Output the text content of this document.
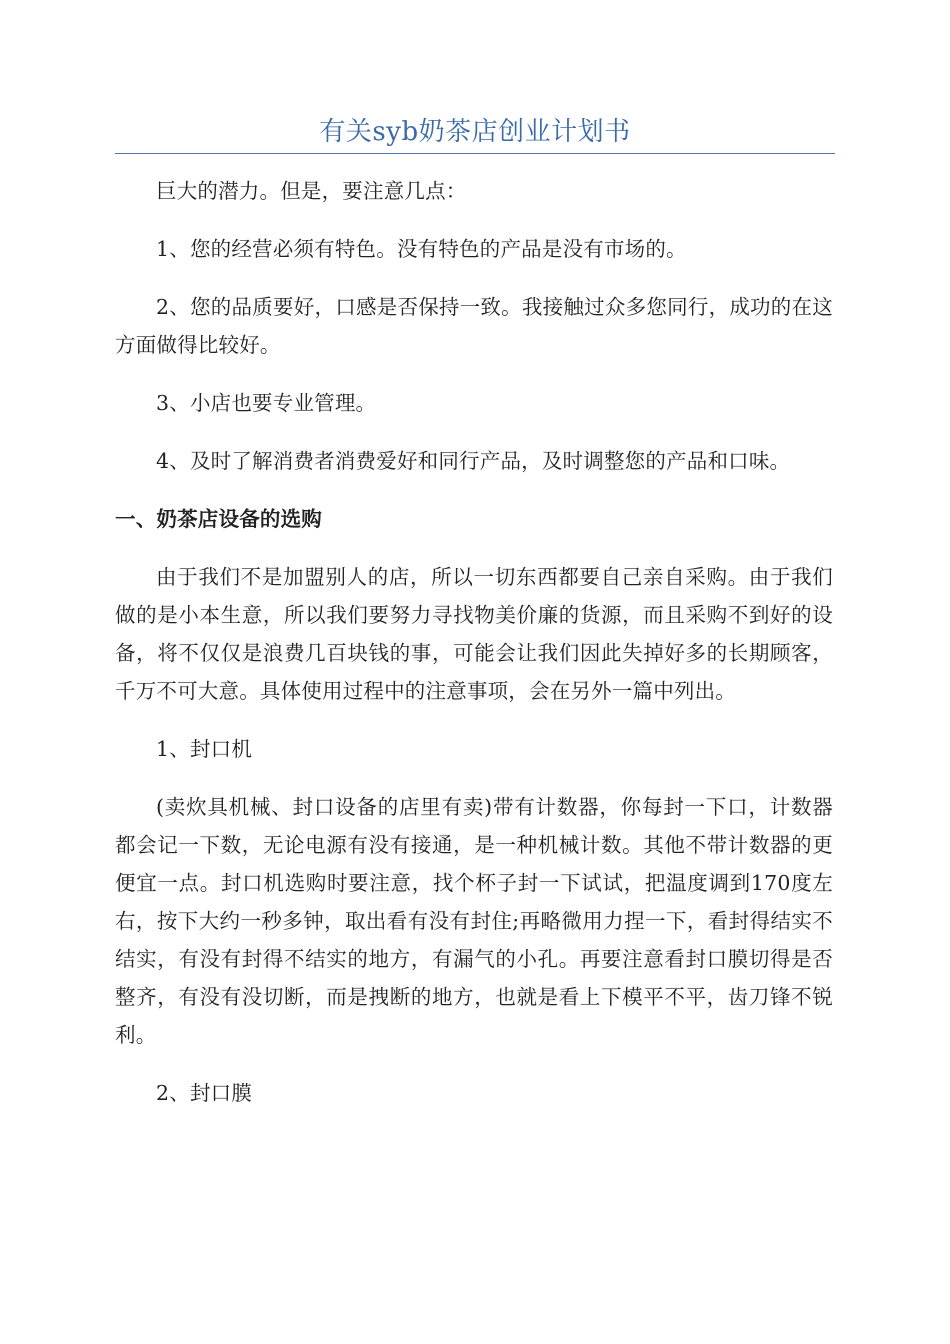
有关syb奶茶店创业计划书

巨大的潜力。但是，要注意几点：

1、您的经营必须有特色。没有特色的产品是没有市场的。

2、您的品质要好，口感是否保持一致。我接触过众多您同行，成功的在这方面做得比较好。

3、小店也要专业管理。

4、及时了解消费者消费爱好和同行产品，及时调整您的产品和口味。

一、奶茶店设备的选购

由于我们不是加盟别人的店，所以一切东西都要自己亲自采购。由于我们做的是小本生意，所以我们要努力寻找物美价廉的货源，而且采购不到好的设备，将不仅仅是浪费几百块钱的事，可能会让我们因此失掉好多的长期顾客，千万不可大意。具体使用过程中的注意事项，会在另外一篇中列出。

1、封口机

(卖炊具机械、封口设备的店里有卖)带有计数器，你每封一下口，计数器都会记一下数，无论电源有没有接通，是一种机械计数。其他不带计数器的更便宜一点。封口机选购时要注意，找个杯子封一下试试，把温度调到170度左右，按下大约一秒多钟，取出看有没有封住;再略微用力捏一下，看封得结实不结实，有没有封得不结实的地方，有漏气的小孔。再要注意看封口膜切得是否整齐，有没有没切断，而是拽断的地方，也就是看上下模平不平，齿刀锋不锐利。

2、封口膜
